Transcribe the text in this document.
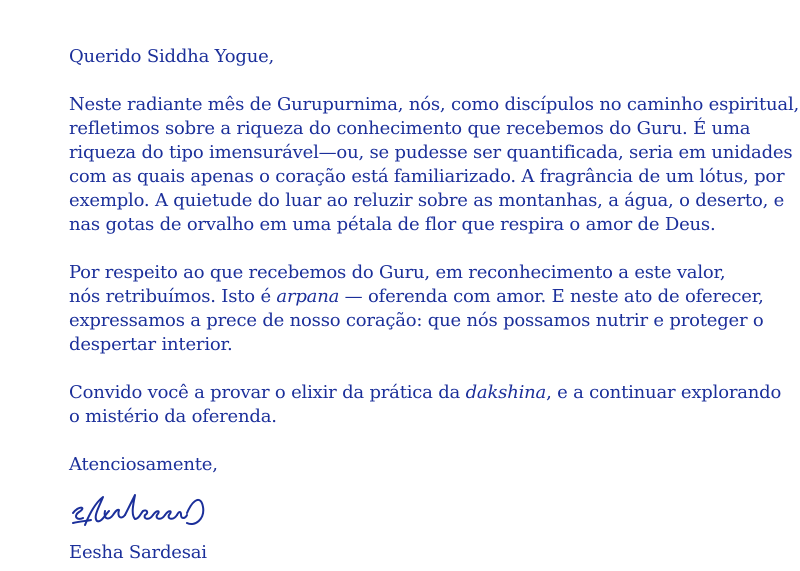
Querido Siddha Yogue,

Neste radiante mês de Gurupurnima, nós, como discípulos no caminho espiritual,
refletimos sobre a riqueza do conhecimento que recebemos do Guru. É uma
riqueza do tipo imensurável—ou, se pudesse ser quantificada, seria em unidades
com as quais apenas o coração está familiarizado. A fragrância de um lótus, por
exemplo. A quietude do luar ao reluzir sobre as montanhas, a água, o deserto, e
nas gotas de orvalho em uma pétala de flor que respira o amor de Deus.

Por respeito ao que recebemos do Guru, em reconhecimento a este valor,
nós retribuímos. Isto é arpana — oferenda com amor. E neste ato de oferecer,
expressamos a prece de nosso coração: que nós possamos nutrir e proteger o
despertar interior.

Convido você a provar o elixir da prática da dakshina, e a continuar explorando
o mistério da oferenda.

Atenciosamente,

Eesha Sardesai
